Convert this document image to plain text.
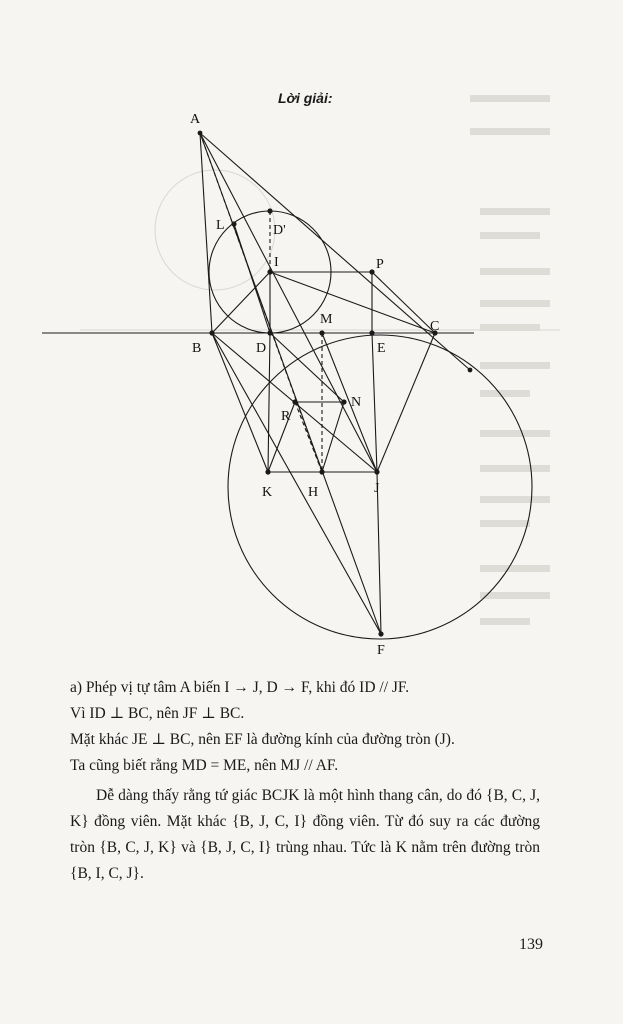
Lời giải:
A
L	D'
I	P
B	D
M
E
C
N
R
K	H	J
F

a) Phép vị tự tâm A biến I → J, D → F, khi đó ID // JF.

Vì ID ⊥ BC, nên JF ⊥ BC.

Mặt khác JE ⊥ BC, nên EF là đường kính của đường tròn (J).

Ta cũng biết rằng MD = ME, nên MJ // AF.

Dễ dàng thấy rằng tứ giác BCJK là một hình thang cân, do đó {B, C, J, K} đồng viên. Mặt khác {B, J, C, I} đồng viên. Từ đó suy ra các đường tròn {B, C, J, K} và {B, J, C, I} trùng nhau. Tức là K nằm trên đường tròn {B, I, C, J}.

139
